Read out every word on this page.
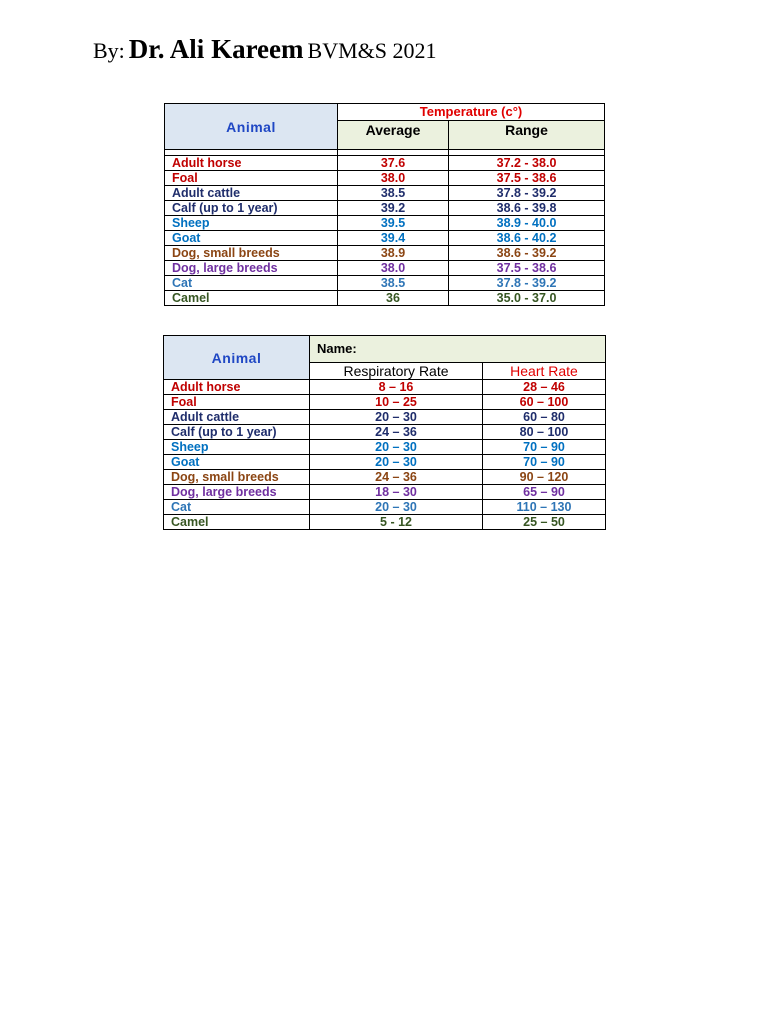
By: Dr. Ali Kareem BVM&S 2021
Animal	Temperature (c°)	
	Average	Range

Adult horse	37.6	37.2 - 38.0
Foal	38.0	37.5 - 38.6
Adult cattle	38.5	37.8 - 39.2
Calf (up to 1 year)	39.2	38.6 - 39.8
Sheep	39.5	38.9 - 40.0
Goat	39.4	38.6 - 40.2
Dog, small breeds	38.9	38.6 - 39.2
Dog, large breeds	38.0	37.5 - 38.6
Cat	38.5	37.8 - 39.2
Camel	36	35.0 - 37.0
Animal	Name:	
	Respiratory Rate	Heart Rate
Adult horse	8 – 16	28 – 46
Foal	10 – 25	60 – 100
Adult cattle	20 – 30	60 – 80
Calf (up to 1 year)	24 – 36	80 – 100
Sheep	20 – 30	70 – 90
Goat	20 – 30	70 – 90
Dog, small breeds	24 – 36	90 – 120
Dog, large breeds	18 – 30	65 – 90
Cat	20 – 30	110 – 130
Camel	5 - 12	25 – 50
